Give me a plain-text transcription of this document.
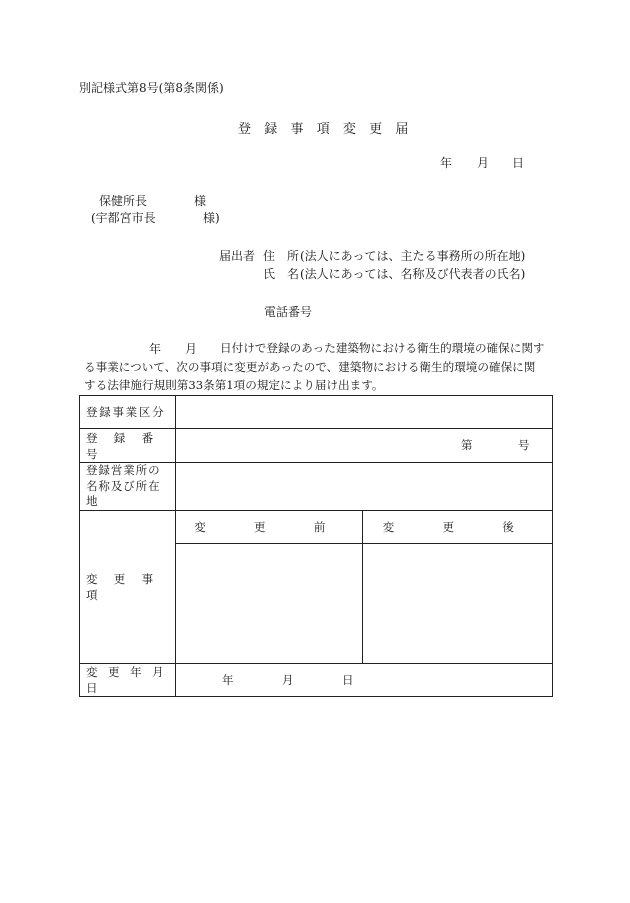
別記様式第8号(第8条関係)
登 録 事 項 変 更 届
年 月 日
保健所長	様
(宇都宮市長	様)
届出者 住　所 (法人にあっては、主たる事務所の所在地)
氏　名 (法人にあっては、名称及び代表者の氏名)
電話番号
年 月 日付けで登録のあった建築物における衛生的環境の確保に関す
る事業について、次の事項に変更があったので、建築物における衛生的環境の確保に関
する法律施行規則第33条第1項の規定により届け出ます。
登録事業区分		
登 録 番 号	第 号	

登録営業所の
名称及び所在地		

変 更 事 項	変　更　前	変　更　後

変 更 年 月 日	年 月 日	
